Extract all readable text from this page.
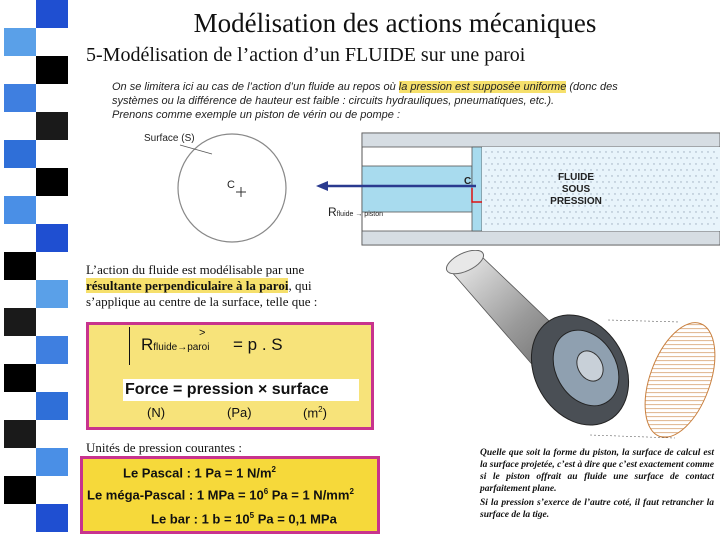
Modélisation des actions mécaniques
5-Modélisation de l’action d’un FLUIDE sur une paroi
On se limitera ici au cas de l’action d’un fluide au repos où la pression est supposée uniforme (donc des
systèmes ou la différence de hauteur est faible : circuits hydrauliques, pneumatiques, etc.).
Prenons comme exemple un piston de vérin ou de pompe :
Surface (S)
C	C	FLUIDE
SOUS
PRESSION
Rfluide → piston
L’action du fluide est modélisable par une
résultante perpendiculaire à la paroi, qui
s’applique au centre de la surface, telle que :
Rfluide→paroi
>
= p . S
Force = pression × surface
(N)	(Pa)	$(m^2)$
Unités de pression courantes :
Le Pascal : 1 Pa = 1 $N/m^2$
Le méga-Pascal : 1 MPa = $10^6$ Pa = 1 $N/mm^2$
Le bar : 1 $b = 10^5$ Pa = 0,1 MPa
Quelle que soit la forme du piston, la surface de calcul est la surface projetée, c’est à dire que c’est exactement comme si le piston offrait au fluide une surface de contact parfaitement plane.
Si la pression s’exerce de l’autre coté, il faut retrancher la surface de la tige.
